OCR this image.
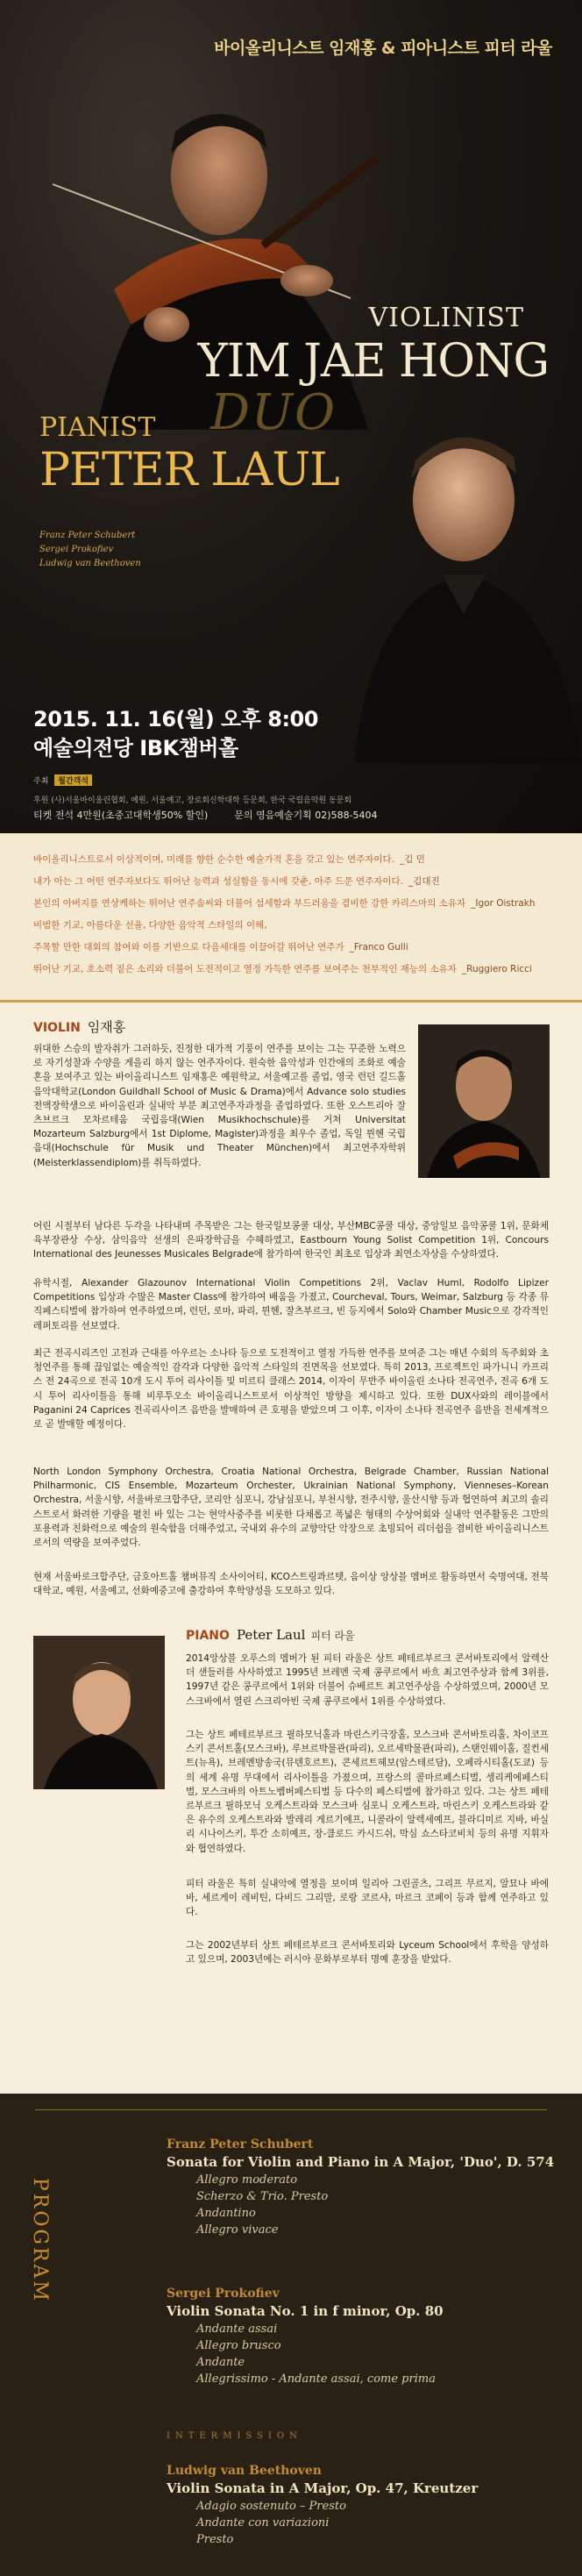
바이올리니스트 임재홍 & 피아니스트 피터 라울
VIOLINIST
YIM JAE HONG
DUO
PIANIST
PETER LAUL
Franz Peter Schubert
Sergei Prokofiev
Ludwig van Beethoven
2015. 11. 16(월) 오후 8:00
예술의전당 IBK챔버홀
주최 월간객석
후원 (사)서울바이올린협회, 예원, 서울예고, 장로회신학대학 등문회, 한국 국립음악원 동문회
티켓 전석 4만원(초중고대학생50% 할인)	문의 영음예술기획 02)588-5404
바이올리니스트로서 이상적이며, 미래를 향한 순수한 예술가적 혼을 갖고 있는 연주자이다. _김 민
내가 아는 그 어떤 연주자보다도 뛰어난 능력과 성실함을 동시에 갖춘, 아주 드문 연주자이다. _김대진
본인의 아버지를 연상케하는 뛰어난 연주솜씨와 더불어 섬세함과 부드러움을 겸비한 강한 카리스마의 소유자 _Igor Oistrakh
비범한 기교, 아름다운 선율, 다양한 음악적 스타일의 이해,
주목할 만한 대회의 참여와 이를 기반으로 다음세대를 이끌어갈 뛰어난 연주가 _Franco Gulli
뛰어난 기교, 호소력 짙은 소리와 더불어 도전적이고 열정 가득한 연주를 보여주는 천부적인 재능의 소유자 _Ruggiero Ricci
VIOLIN 임재홍

위대한 스승의 발자취가 그러하듯, 진정한 대가적 기풍이 연주를 보이는 그는 꾸준한 노력으로 자기성찰과 수양을 게을리 하지 않는 연주자이다. 원숙한 음악성과 인간애의 조화로 예술혼을 보여주고 있는 바이올리니스트 임재홍은 예원학교, 서울예고를 졸업, 영국 런던 길드홀 음악대학교(London Guildhall School of Music & Drama)에서 Advance solo studies 전액장학생으로 바이올린과 실내악 부분 최고연주자과정을 졸업하였다. 또한 오스트리아 잘츠브르크 모차르테움 국립음대(Wien Musikhochschule)를 거쳐 Universitat Mozarteum Salzburg에서 1st Diplome, Magister)과정을 최우수 졸업, 독일 뮌헨 국립음대(Hochschule für Musik und Theater München)에서 최고연주자학위(Meisterklassendiplom)를 취득하였다.

어린 시절부터 남다른 두각을 나타내며 주목받은 그는 한국일보콩쿨 대상, 부산MBC콩쿨 대상, 중앙일보 음악콩쿨 1위, 문화체육부장관상 수상, 삼익음악 선생의 은파장학금을 수혜하였고, Eastbourn Young Solist Competition 1위, Concours International des Jeunesses Musicales Belgrade에 참가하여 한국인 최초로 입상과 최연소자상을 수상하였다.

유학시절, Alexander Glazounov International Violin Competitions 2위, Vaclav Huml, Rodolfo Lipizer Competitions 입상과 수많은 Master Class에 참가하여 배움을 가졌고, Courcheval, Tours, Weimar, Salzburg 등 각종 뮤직페스티벌에 참가하여 연주하였으며, 런던, 로마, 파리, 뮌헨, 잘츠부르크, 빈 등지에서 Solo와 Chamber Music으로 강각적인 레퍼토리를 선보였다.

최근 전곡시리즈인 고전과 근대를 아우르는 소나타 등으로 도전적이고 열정 가득한 연주를 보여준 그는 매년 수회의 독주회와 초청연주를 통해 끊임없는 예술적인 감각과 다양한 음악적 스타일의 진면목을 선보였다. 특히 2013, 프로젝트인 파가니니 카프리스 전 24곡으로 전곡 10개 도시 투어 리사이틀 및 미르티 클래스 2014, 이자이 무반주 바이올린 소나타 전곡연주, 전곡 6개 도시 투어 리사이틀을 통해 비루투오소 바이올리니스트로서 이상적인 방향을 제시하고 있다. 또한 DUX사와의 레이블에서 Paganini 24 Caprices 전곡리사이즈 음반을 발매하여 큰 호평을 받았으며 그 이후, 이자이 소나타 전곡연주 음반을 전세계적으로 곧 발매할 예정이다.

North London Symphony Orchestra, Croatia National Orchestra, Belgrade Chamber, Russian National Philharmonic, CIS Ensemble, Mozarteum Orchester, Ukrainian National Symphony, Vienneses–Korean Orchestra, 서울시향, 서울바로크합주단, 코리안 심포니, 강남심포니, 부천시향, 전주시향, 울산시향 등과 협연하여 최고의 솔리스트로서 화려한 기량을 펼친 바 있는 그는 현악사중주를 비롯한 다채롭고 폭넓은 형태의 수상어회와 실내악 연주활동은 그만의 포용력과 친화력으로 예술의 원숙함을 더해주었고, 국내외 유수의 교향악단 악장으로 초빙되어 리더쉽을 겸비한 바이올리니스트로서의 역량을 보여주었다.

현재 서울바로크합주단, 금호아트홀 챔버뮤직 소사이어티, KCO스트링콰르텟, 음이상 앙상블 멤버로 활동하면서 숙명여대, 전북대학교, 예원, 서울예고, 선화예중고에 출강하여 후학양성을 도모하고 있다.

PIANO Peter Laul 피터 라울

2014앙상블 오푸스의 멤버가 된 피터 라울은 상트 페테르부르크 콘서바토리에서 알렉산더 샌들러를 사사하였고 1995년 브레멘 국제 콩쿠르에서 바흐 최고연주상과 함께 3위를, 1997년 같은 콩쿠르에서 1위와 더불어 슈베르트 최고연주상을 수상하였으며, 2000년 모스크바에서 열린 스크리아빈 국제 콩쿠르에서 1위를 수상하였다.

그는 상트 페테르부르크 필하모닉홀과 마린스키극장홀, 모스크바 콘서바토리홀, 차이코프스키 콘서트홀(모스크바), 루브르박물관(파리), 오르세박물관(파리), 스탠인웨이홀, 질컨세트(뉴욕), 브레멘방송국(뮤텐호르트), 콘세르트헤보(암스테르담), 오페라시티홀(도쿄) 등의 세계 유명 무대에서 리사이틀을 가졌으며, 프랑스의 콜마르페스티벌, 셍리케에페스티벌, 모스크바의 아트노벰버페스티벌 등 다수의 페스티벌에 참가하고 있다. 그는 상트 페테르부르크 필하모닉 오케스트라와 모스크바 심포니 오케스트라, 마린스키 오케스트라와 같은 유수의 오케스트라와 발레리 게르기에프, 니콜라이 알렉세예프, 블라디미르 지바, 바실리 시나이스키, 투간 소히예프, 장-클로드 카시드쉬, 막심 쇼스타코비치 등의 유명 지휘자와 협연하였다.

피터 라울은 특히 실내악에 열정을 보이며 일리아 그린골츠, 그리프 무르지, 알묘나 바에바, 세르게이 레비틴, 다비드 그리말, 로랑 코르샤, 마르크 코페이 등과 함께 연주하고 있다.

그는 2002년부터 상트 페테르부르크 콘서바토리와 Lyceum School에서 후학을 양성하고 있으며, 2003년에는 러시아 문화부로부터 명예 훈장을 받았다.

PROGRAM
Franz Peter Schubert
Sonata for Violin and Piano in A Major, 'Duo', D. 574
Allegro moderato
Scherzo & Trio. Presto
Andantino
Allegro vivace
Sergei Prokofiev
Violin Sonata No. 1 in f minor, Op. 80
Andante assai
Allegro brusco
Andante
Allegrissimo - Andante assai, come prima
INTERMISSION
Ludwig van Beethoven
Violin Sonata in A Major, Op. 47, Kreutzer
Adagio sostenuto – Presto
Andante con variazioni
Presto
